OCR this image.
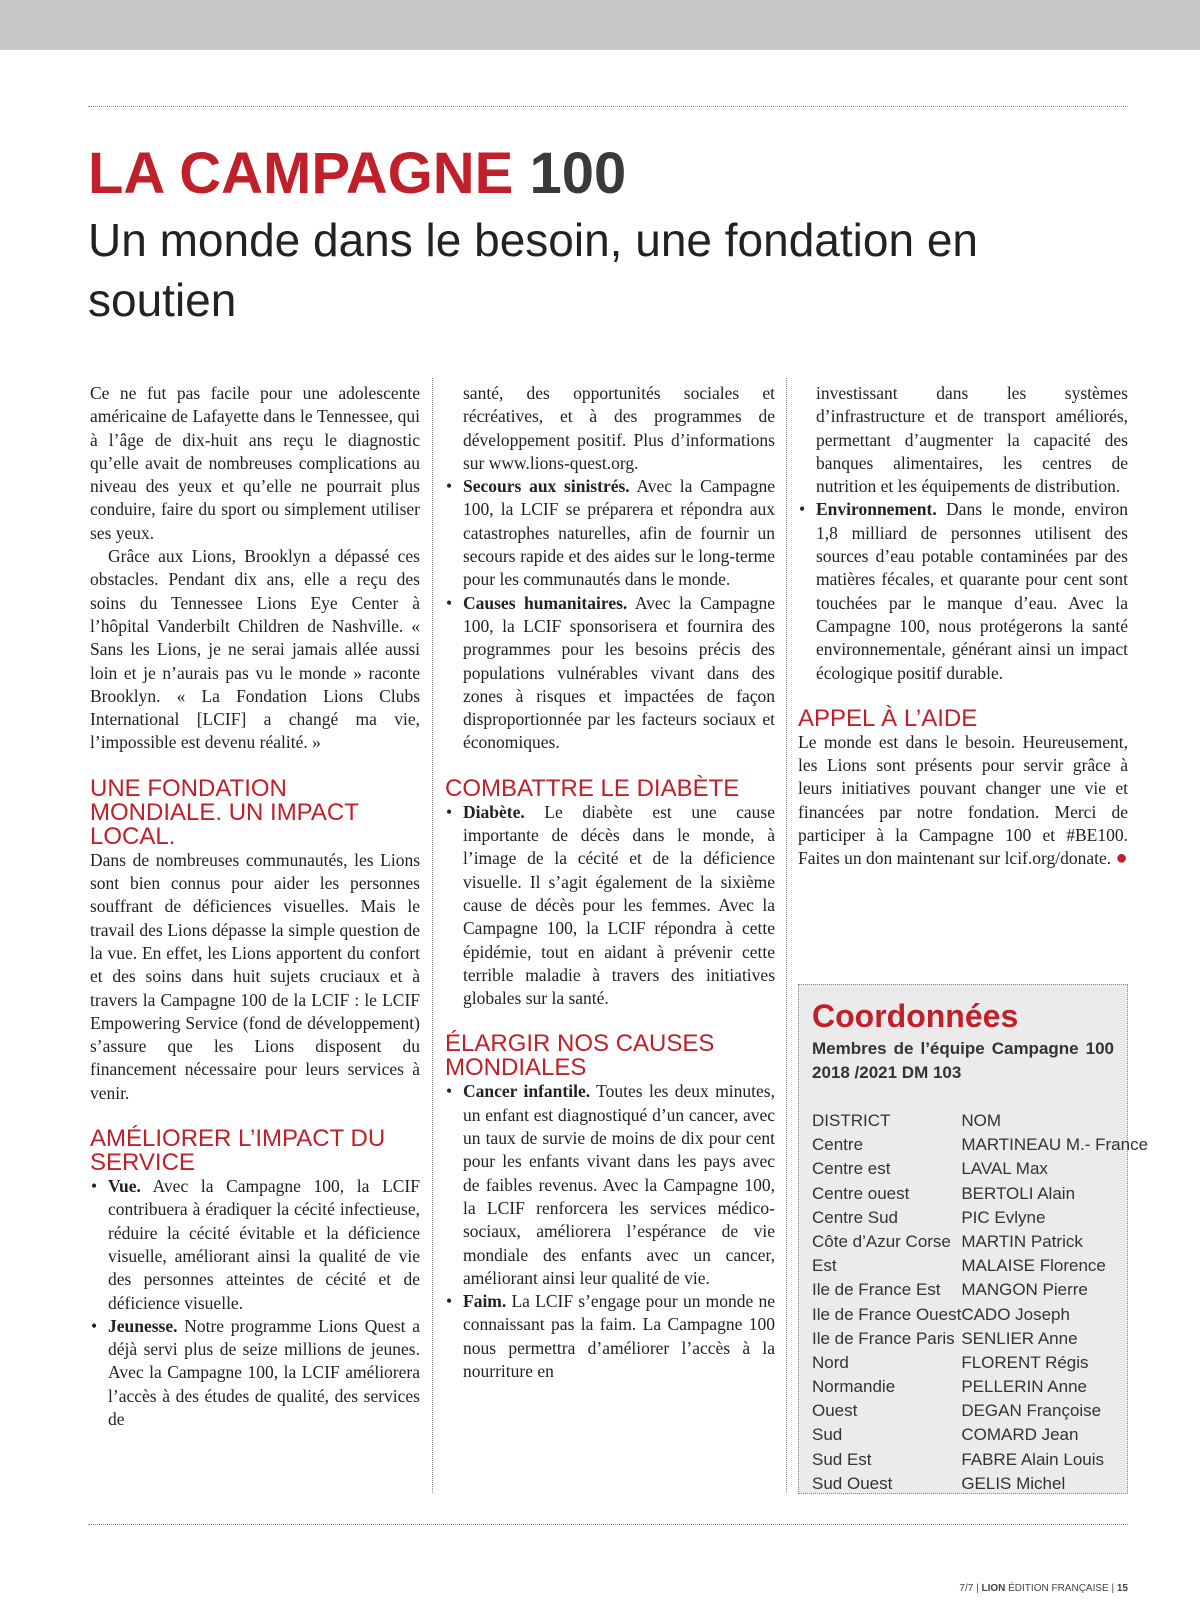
LA CAMPAGNE 100
Un monde dans le besoin, une fondation en soutien

Ce ne fut pas facile pour une adolescente américaine de Lafayette dans le Tennessee, qui à l’âge de dix-huit ans reçu le diagnostic qu’elle avait de nombreuses complications au niveau des yeux et qu’elle ne pourrait plus conduire, faire du sport ou simplement utiliser ses yeux.

Grâce aux Lions, Brooklyn a dépassé ces obstacles. Pendant dix ans, elle a reçu des soins du Tennessee Lions Eye Center à l’hôpital Vanderbilt Children de Nashville. « Sans les Lions, je ne serai jamais allée aussi loin et je n’aurais pas vu le monde » raconte Brooklyn. « La Fondation Lions Clubs International [LCIF] a changé ma vie, l’impossible est devenu réalité. »

UNE FONDATION MONDIALE. UN IMPACT LOCAL.

Dans de nombreuses communautés, les Lions sont bien connus pour aider les personnes souffrant de déficiences visuelles. Mais le travail des Lions dépasse la simple question de la vue. En effet, les Lions apportent du confort et des soins dans huit sujets cruciaux et à travers la Campagne 100 de la LCIF : le LCIF Empowering Service (fond de développement) s’assure que les Lions disposent du financement nécessaire pour leurs services à venir.

AMÉLIORER L’IMPACT DU SERVICE
• Vue. Avec la Campagne 100, la LCIF contribuera à éradiquer la cécité infectieuse, réduire la cécité évitable et la déficience visuelle, améliorant ainsi la qualité de vie des personnes atteintes de cécité et de déficience visuelle.
• Jeunesse. Notre programme Lions Quest a déjà servi plus de seize millions de jeunes. Avec la Campagne 100, la LCIF améliorera l’accès à des études de qualité, des services de
santé, des opportunités sociales et récréatives, et à des programmes de développement positif. Plus d’informations sur www.lions-quest.org.
• Secours aux sinistrés. Avec la Campagne 100, la LCIF se préparera et répondra aux catastrophes naturelles, afin de fournir un secours rapide et des aides sur le long-terme pour les communautés dans le monde.
• Causes humanitaires. Avec la Campagne 100, la LCIF sponsorisera et fournira des programmes pour les besoins précis des populations vulnérables vivant dans des zones à risques et impactées de façon disproportionnée par les facteurs sociaux et économiques.
COMBATTRE LE DIABÈTE
• Diabète. Le diabète est une cause importante de décès dans le monde, à l’image de la cécité et de la déficience visuelle. Il s’agit également de la sixième cause de décès pour les femmes. Avec la Campagne 100, la LCIF répondra à cette épidémie, tout en aidant à prévenir cette terrible maladie à travers des initiatives globales sur la santé.
ÉLARGIR NOS CAUSES MONDIALES
• Cancer infantile. Toutes les deux minutes, un enfant est diagnostiqué d’un cancer, avec un taux de survie de moins de dix pour cent pour les enfants vivant dans les pays avec de faibles revenus. Avec la Campagne 100, la LCIF renforcera les services médico-sociaux, améliorera l’espérance de vie mondiale des enfants avec un cancer, améliorant ainsi leur qualité de vie.
• Faim. La LCIF s’engage pour un monde ne connaissant pas la faim. La Campagne 100 nous permettra d’améliorer l’accès à la nourriture en
investissant dans les systèmes d’infrastructure et de transport améliorés, permettant d’augmenter la capacité des banques alimentaires, les centres de nutrition et les équipements de distribution.
• Environnement. Dans le monde, environ 1,8 milliard de personnes utilisent des sources d’eau potable contaminées par des matières fécales, et quarante pour cent sont touchées par le manque d’eau. Avec la Campagne 100, nous protégerons la santé environnementale, générant ainsi un impact écologique positif durable.
APPEL À L’AIDE

Le monde est dans le besoin. Heureusement, les Lions sont présents pour servir grâce à leurs initiatives pouvant changer une vie et financées par notre fondation. Merci de participer à la Campagne 100 et #BE100. Faites un don maintenant sur lcif.org/donate. ●

Coordonnées

Membres de l’équipe Campagne 100 2018 /2021 DM 103

DISTRICT	NOM
Centre	MARTINEAU M.- France
Centre est	LAVAL Max
Centre ouest	BERTOLI Alain
Centre Sud	PIC Evlyne
Côte d’Azur Corse	MARTIN Patrick
Est	MALAISE Florence
Ile de France Est	MANGON Pierre
Ile de France Ouest	CADO Joseph
Ile de France Paris	SENLIER Anne
Nord	FLORENT Régis
Normandie	PELLERIN Anne
Ouest	DEGAN Françoise
Sud	COMARD Jean
Sud Est	FABRE Alain Louis
Sud Ouest	GELIS Michel
7/7 | LION ÉDITION FRANÇAISE | 15
